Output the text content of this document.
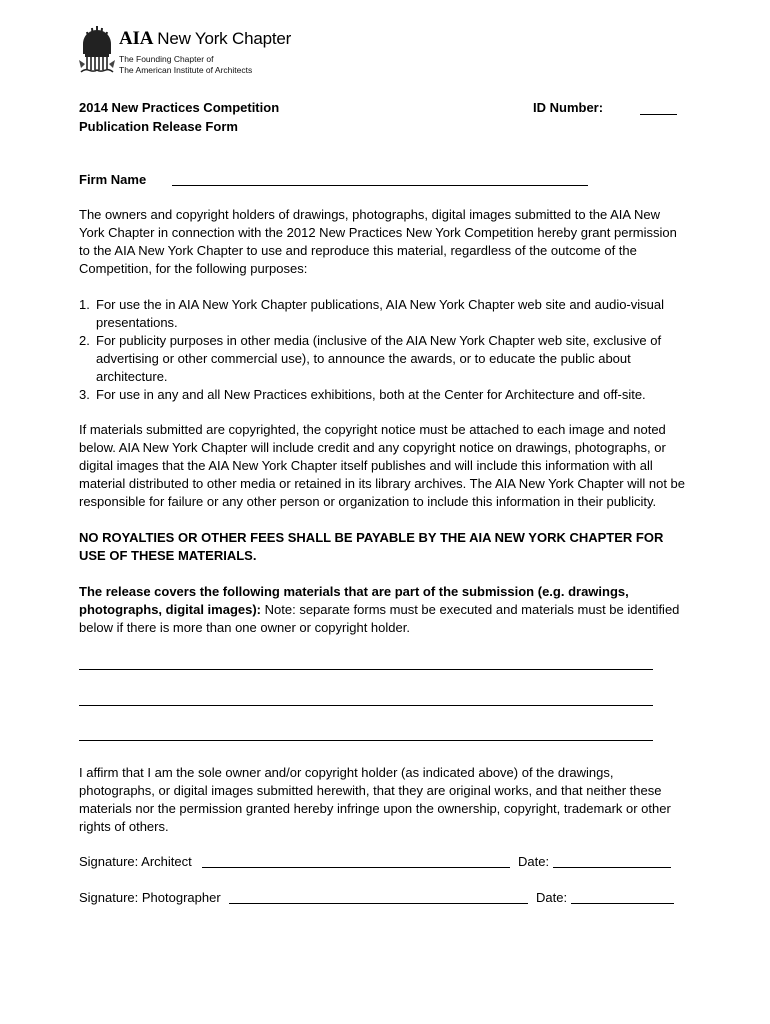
AIA New York Chapter
The Founding Chapter of
The American Institute of Architects
2014 New Practices Competition
Publication Release Form
ID Number:
Firm Name
The owners and copyright holders of drawings, photographs, digital images submitted to the AIA New York Chapter in connection with the 2012 New Practices New York Competition hereby grant permission to the AIA New York Chapter to use and reproduce this material, regardless of the outcome of the Competition, for the following purposes:
1. For use the in AIA New York Chapter publications, AIA New York Chapter web site and audio-visual presentations.
2. For publicity purposes in other media (inclusive of the AIA New York Chapter web site, exclusive of advertising or other commercial use), to announce the awards, or to educate the public about architecture.
3. For use in any and all New Practices exhibitions, both at the Center for Architecture and off-site.
If materials submitted are copyrighted, the copyright notice must be attached to each image and noted below. AIA New York Chapter will include credit and any copyright notice on drawings, photographs, or digital images that the AIA New York Chapter itself publishes and will include this information with all material distributed to other media or retained in its library archives. The AIA New York Chapter will not be responsible for failure or any other person or organization to include this information in their publicity.
NO ROYALTIES OR OTHER FEES SHALL BE PAYABLE BY THE AIA NEW YORK CHAPTER FOR USE OF THESE MATERIALS.
The release covers the following materials that are part of the submission (e.g. drawings, photographs, digital images): Note: separate forms must be executed and materials must be identified below if there is more than one owner or copyright holder.
I affirm that I am the sole owner and/or copyright holder (as indicated above) of the drawings, photographs, or digital images submitted herewith, that they are original works, and that neither these materials nor the permission granted hereby infringe upon the ownership, copyright, trademark or other rights of others.
Signature: Architect	Date:
Signature: Photographer	Date:
